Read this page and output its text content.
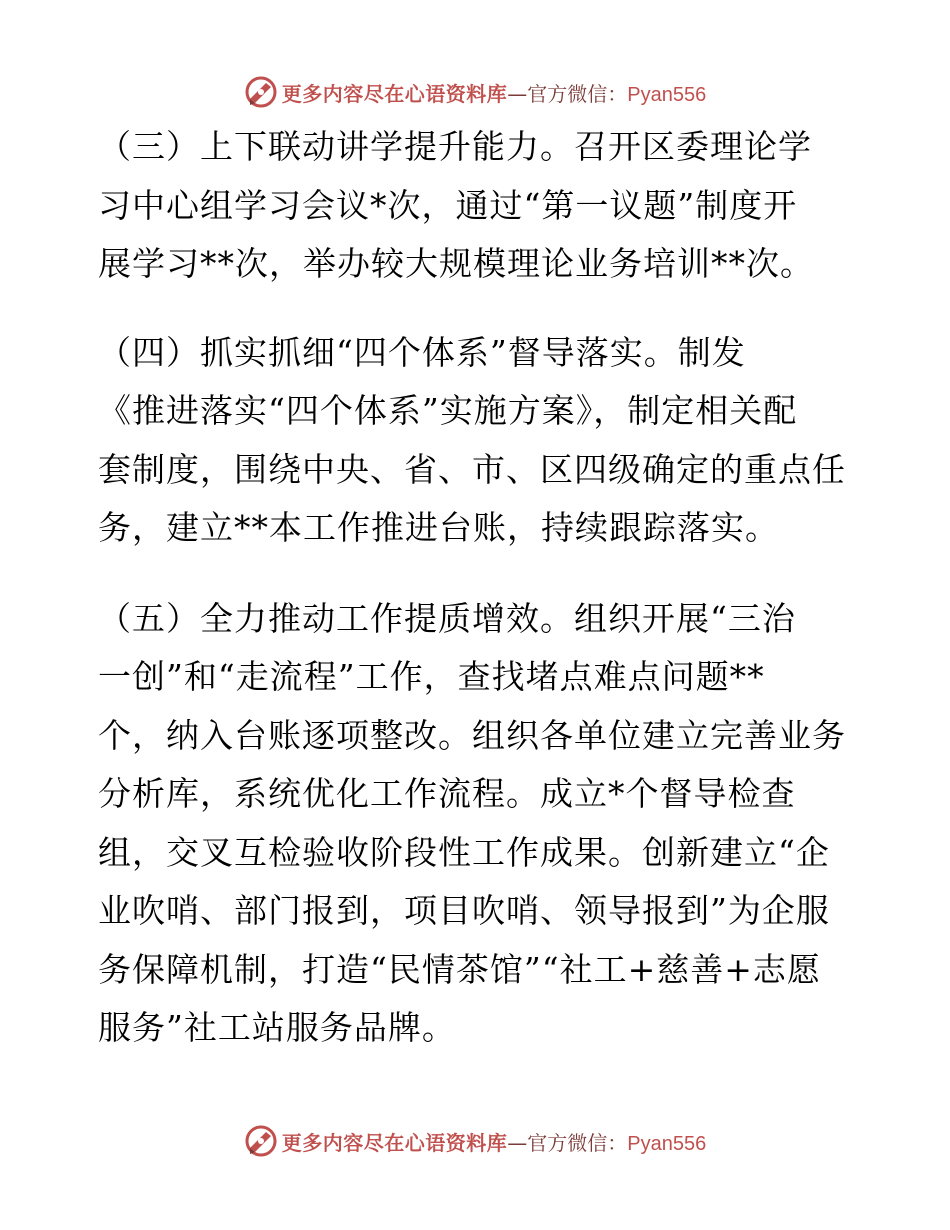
更多内容尽在心语资料库 — 官方微信： Pyan556

（三）上下联动讲学提升能力。召开区委理论学
习中心组学习会议*次，通过“第一议题”制度开
展学习**次，举办较大规模理论业务培训**次。

（四）抓实抓细“四个体系”督导落实。制发
《推进落实“四个体系”实施方案》，制定相关配
套制度，围绕中央、省、市、区四级确定的重点任
务，建立**本工作推进台账，持续跟踪落实。

（五）全力推动工作提质增效。组织开展“三治
一创”和“走流程”工作，查找堵点难点问题**
个，纳入台账逐项整改。组织各单位建立完善业务
分析库，系统优化工作流程。成立*个督导检查
组，交叉互检验收阶段性工作成果。创新建立“企
业吹哨、部门报到，项目吹哨、领导报到”为企服
务保障机制，打造“民情茶馆”“社工+慈善+志愿
服务”社工站服务品牌。

更多内容尽在心语资料库 — 官方微信： Pyan556
